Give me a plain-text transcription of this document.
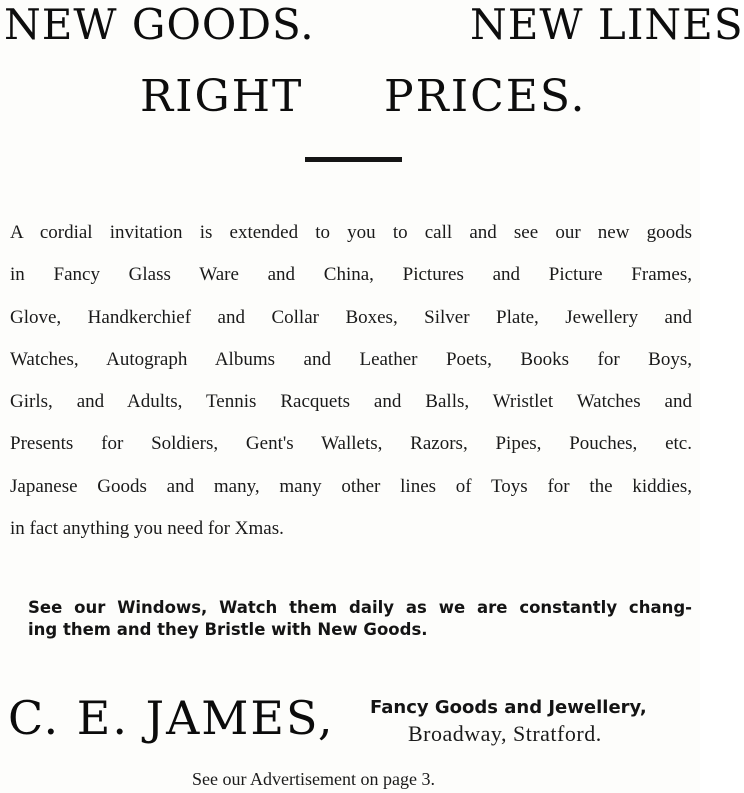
NEW GOODS.	NEW LINES
RIGHT PRICES.
A cordial invitation is extended to you to call and see our new goods
in Fancy Glass Ware and China, Pictures and Picture Frames,
Glove, Handkerchief and Collar Boxes, Silver Plate, Jewellery and
Watches, Autograph Albums and Leather Poets, Books for Boys,
Girls, and Adults, Tennis Racquets and Balls, Wristlet Watches and
Presents for Soldiers, Gent's Wallets, Razors, Pipes, Pouches, etc.
Japanese Goods and many, many other lines of Toys for the kiddies,
in fact anything you need for Xmas.
See our Windows, Watch them daily as we are constantly chang-
ing them and they Bristle with New Goods.
C. E. JAMES, Fancy Goods and Jewellery,
Broadway, Stratford.
See our Advertisement on page 3.
